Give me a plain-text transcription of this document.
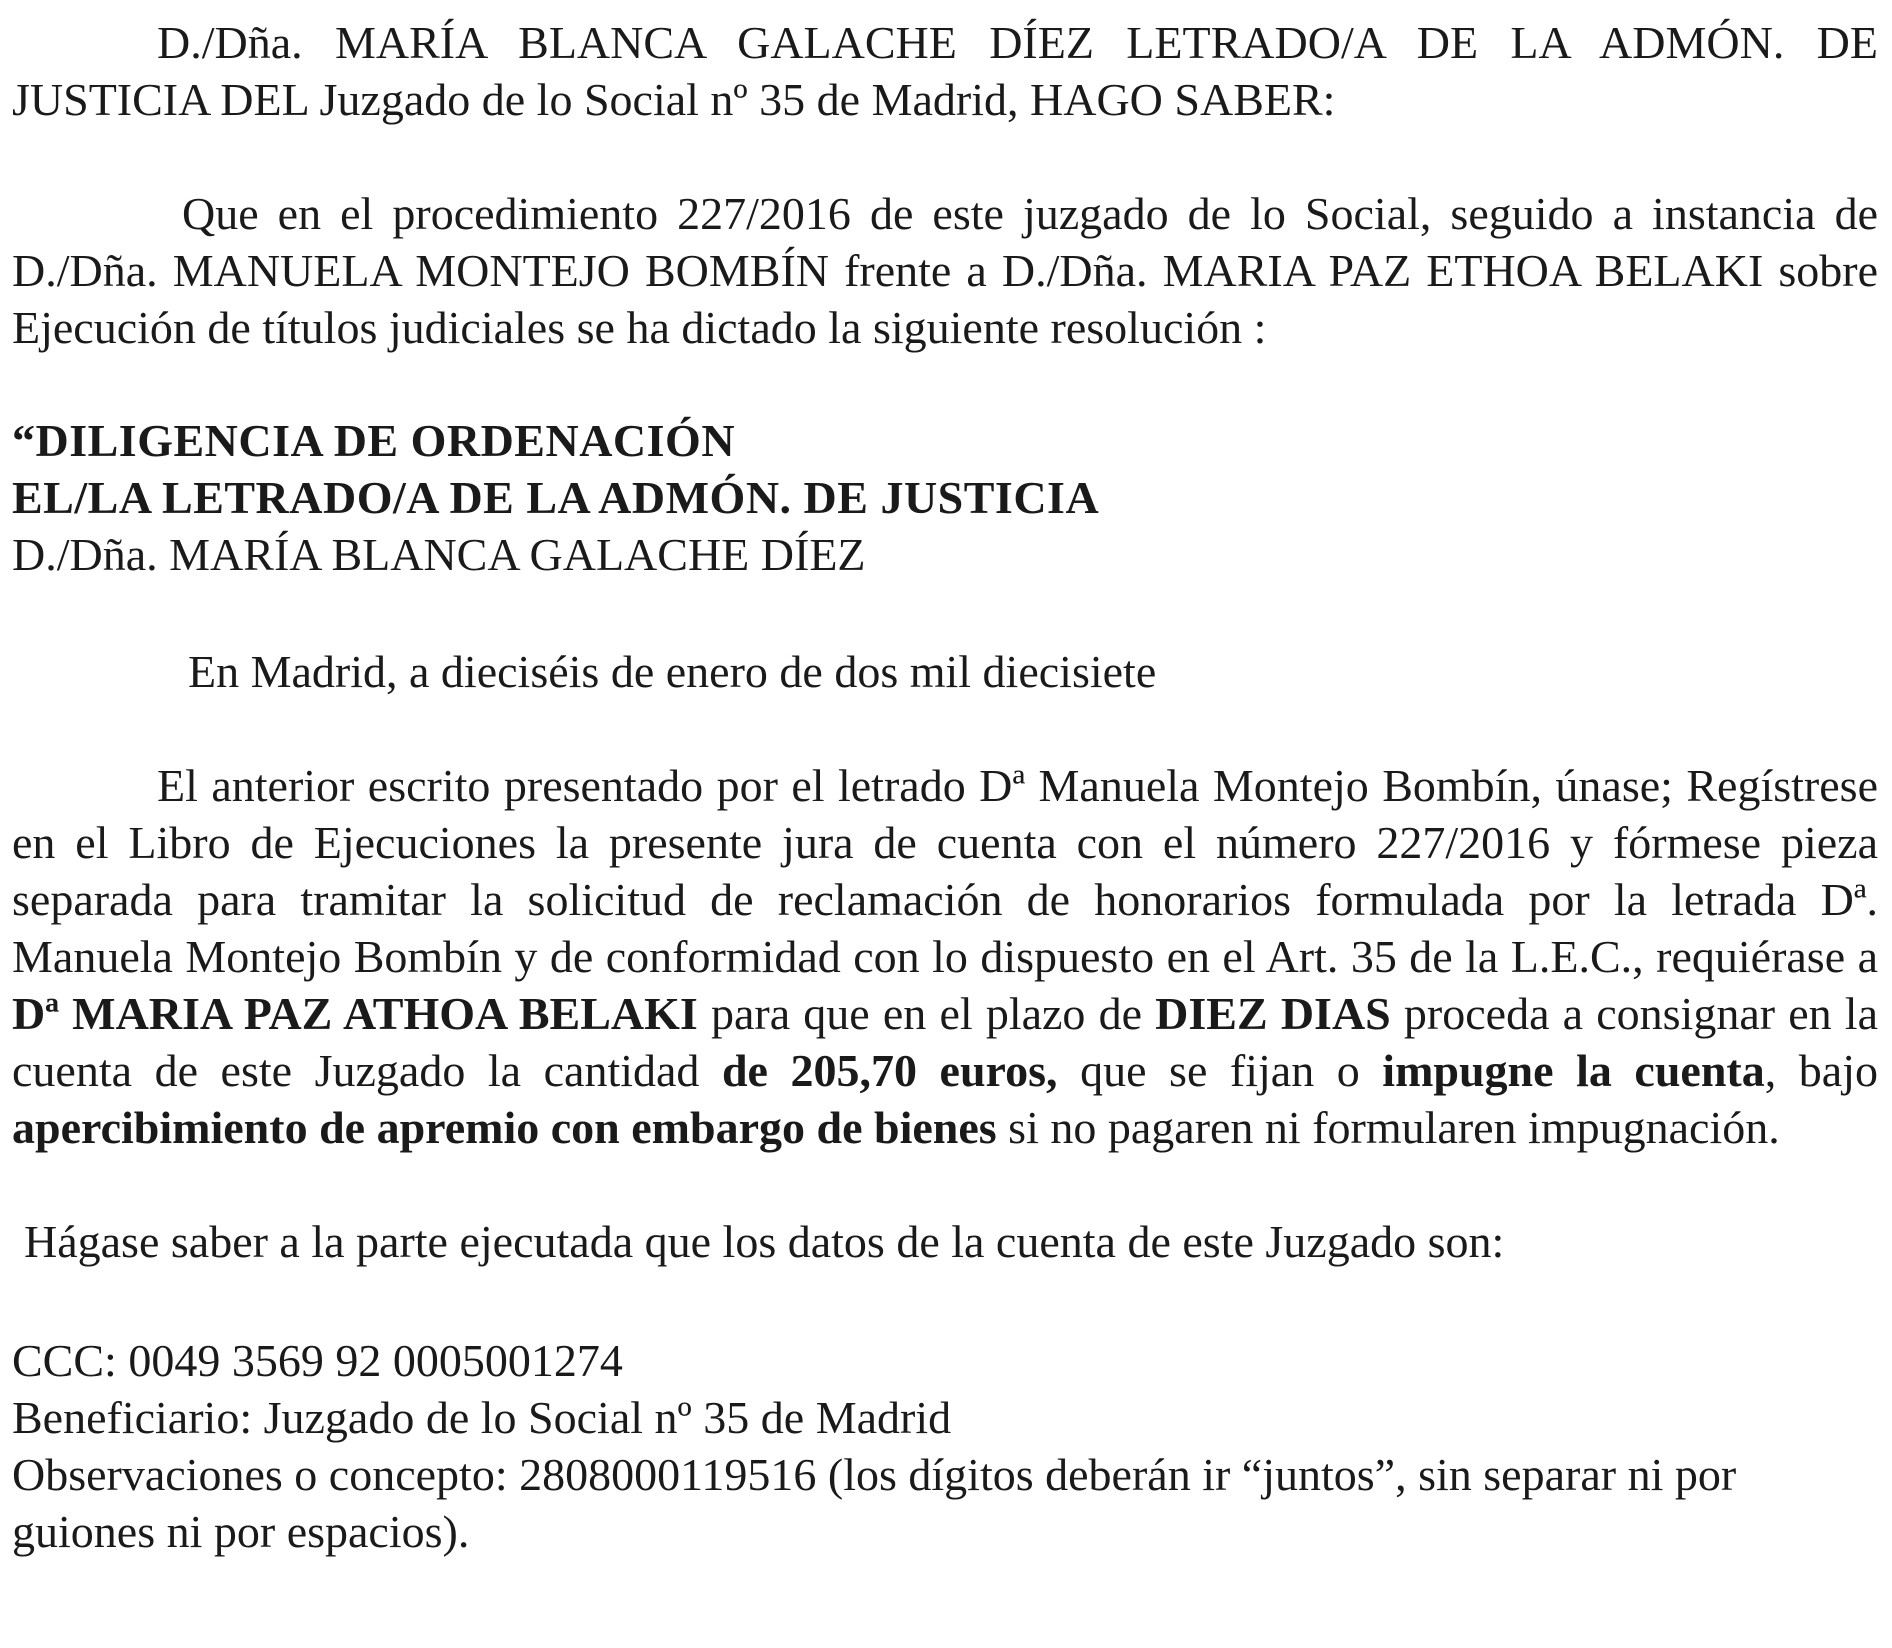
D./Dña. MARÍA BLANCA GALACHE DÍEZ LETRADO/A DE LA ADMÓN. DE JUSTICIA DEL Juzgado de lo Social nº 35 de Madrid, HAGO SABER:

Que en el procedimiento 227/2016 de este juzgado de lo Social, seguido a instancia de D./Dña. MANUELA MONTEJO BOMBÍN frente a D./Dña. MARIA PAZ ETHOA BELAKI sobre Ejecución de títulos judiciales se ha dictado la siguiente resolución :

“DILIGENCIA DE ORDENACIÓN
EL/LA LETRADO/A DE LA ADMÓN. DE JUSTICIA
D./Dña. MARÍA BLANCA GALACHE DÍEZ

En Madrid, a dieciséis de enero de dos mil diecisiete

El anterior escrito presentado por el letrado Dª Manuela Montejo Bombín, únase; Regístrese en el Libro de Ejecuciones la presente jura de cuenta con el número 227/2016 y fórmese pieza separada para tramitar la solicitud de reclamación de honorarios formulada por la letrada Dª. Manuela Montejo Bombín y de conformidad con lo dispuesto en el Art. 35 de la L.E.C., requiérase a Dª MARIA PAZ ATHOA BELAKI para que en el plazo de DIEZ DIAS proceda a consignar en la cuenta de este Juzgado la cantidad de 205,70 euros, que se fijan o impugne la cuenta, bajo apercibimiento de apremio con embargo de bienes si no pagaren ni formularen impugnación.

Hágase saber a la parte ejecutada que los datos de la cuenta de este Juzgado son:

CCC: 0049 3569 92 0005001274
Beneficiario: Juzgado de lo Social nº 35 de Madrid
Observaciones o concepto: 2808000119516 (los dígitos deberán ir “juntos”, sin separar ni por guiones ni por espacios).
